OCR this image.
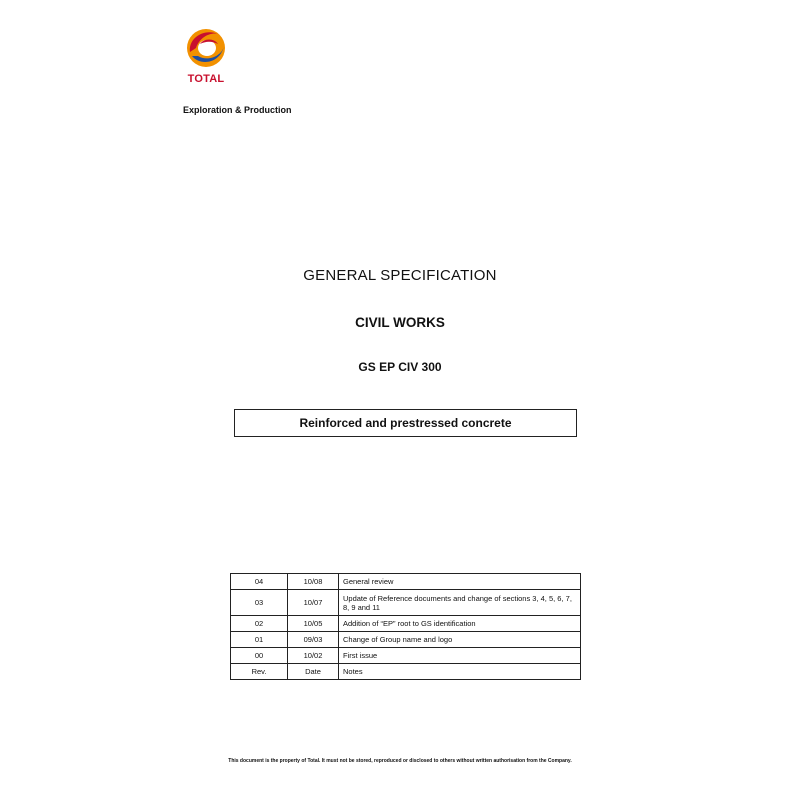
TOTAL
Exploration & Production
GENERAL SPECIFICATION
CIVIL WORKS
GS EP CIV 300
Reinforced and prestressed concrete
04	10/08	General review
03	10/07	Update of Reference documents and change of sections 3, 4, 5, 6, 7, 8, 9 and 11
02	10/05	Addition of “EP” root to GS identification
01	09/03	Change of Group name and logo
00	10/02	First issue
Rev.	Date	Notes
This document is the property of Total. It must not be stored, reproduced or disclosed to others without written authorisation from the Company.
